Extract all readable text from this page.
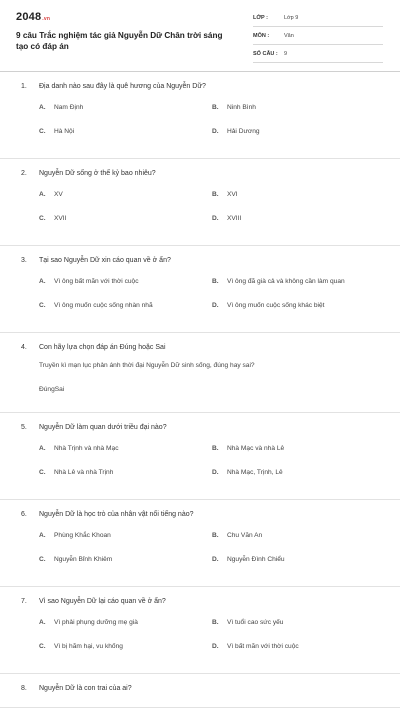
2048.vn
9 câu Trắc nghiệm tác giả Nguyễn Dữ Chân trời sáng tạo có đáp án
LỚP :	Lớp 9
MÔN :	Văn
SỐ CÂU : 9
1. Địa danh nào sau đây là quê hương của Nguyễn Dữ?
A. Nam Định	B. Ninh Bình
C. Hà Nội	D. Hải Dương
2. Nguyễn Dữ sống ở thế kỷ bao nhiêu?
A. XV	B. XVI
C. XVII	D. XVIII
3. Tại sao Nguyễn Dữ xin cáo quan về ở ẩn?
A. Vì ông bất mãn với thời cuộc	B. Vì ông đã già cả và không cần làm quan
C. Vì ông muốn cuộc sống nhàn nhã	D. Vì ông muốn cuộc sống khác biệt
4. Con hãy lựa chọn đáp án Đúng hoặc Sai
Truyền kì mạn lục phản ánh thời đại Nguyễn Dữ sinh sống, đúng hay sai?
ĐúngSai
5. Nguyễn Dữ làm quan dưới triều đại nào?
A. Nhà Trịnh và nhà Mạc	B. Nhà Mạc và nhà Lê
C. Nhà Lê và nhà Trịnh	D. Nhà Mạc, Trịnh, Lê
6. Nguyễn Dữ là học trò của nhân vật nổi tiếng nào?
A. Phùng Khắc Khoan	B. Chu Văn An
C. Nguyễn Bỉnh Khiêm	D. Nguyễn Đình Chiểu
7. Vì sao Nguyễn Dữ lại cáo quan về ở ẩn?
A. Vì phải phụng dưỡng mẹ già	B. Vì tuổi cao sức yếu
C. Vì bị hãm hại, vu khống	D. Vì bất mãn với thời cuộc
8. Nguyễn Dữ là con trai của ai?
